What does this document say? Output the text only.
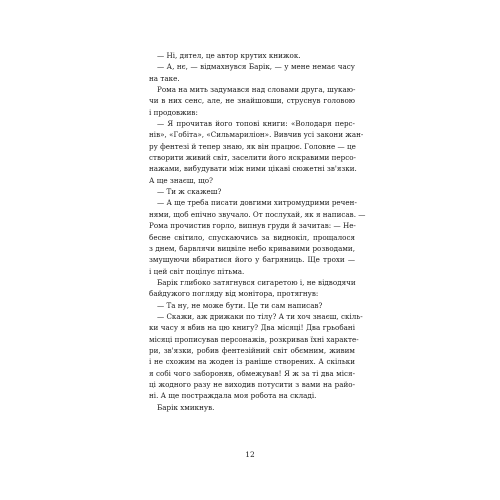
— Ні, дятел, це автор крутих книжок.
— А, нє, — відмахнувся Барік, — у мене немає часу
на таке.
Рома на мить задумався над словами друга, шукаю-
чи в них сенс, але, не знайшовши, струснув головою
і продовжив:
— Я прочитав його топові книги: «Володаря перс-
нів», «Гобіта», «Сильмариліон». Вивчив усі закони жан-
ру фентезі й тепер знаю, як він працює. Головне — це
створити живий світ, заселити його яскравими персо-
нажами, вибудувати між ними цікаві сюжетні зв'язки.
А ще знаєш, що?
— Ти ж скажеш?
— А ще треба писати довгими хитромудрими речен-
нями, щоб епічно звучало. От послухай, як я написав. —
Рома прочистив горло, випнув груди й зачитав: — Не-
бесне світило, спускаючись за виднокіл, прощалося
з днем, барвлячи вицвіле небо кривавими розводами,
змушуючи вбиратися його у багряниць. Ще трохи —
і цей світ поцілує пітьма.
Барік глибоко затягнувся сигаретою і, не відводячи
байдужого погляду від монітора, протягнув:
— Та ну, не може бути. Це ти сам написав?
— Скажи, аж дрижаки по тілу? А ти хоч знаєш, скіль-
ки часу я вбив на цю книгу? Два місяці! Два грьобані
місяці прописував персонажів, розкривав їхні характе-
ри, зв'язки, робив фентезійний світ обємним, живим
і не схожим на жоден із раніше створених. А скільки
я собі чого забороняв, обмежував! Я ж за ті два міся-
ці жодного разу не виходив потусити з вами на райо-
ні. А ще постраждала моя робота на складі.
Барік хмикнув.
12
